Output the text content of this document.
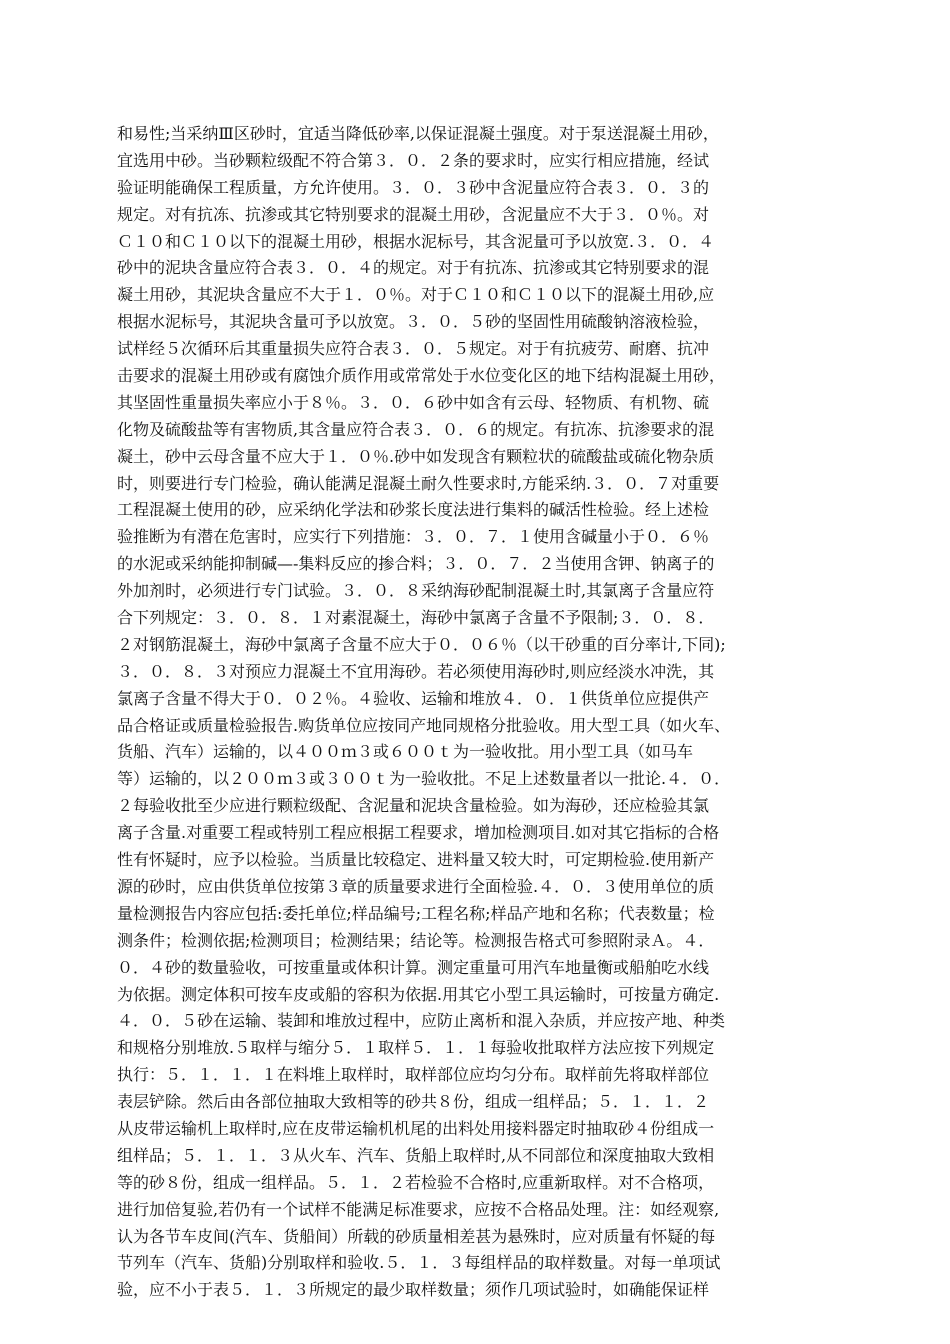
和易性;当采纳Ⅲ区砂时，宜适当降低砂率,以保证混凝土强度。对于泵送混凝土用砂，
宜选用中砂。当砂颗粒级配不符合第３．０．２条的要求时，应实行相应措施，经试
验证明能确保工程质量，方允许使用。３．０．３砂中含泥量应符合表３．０．３的
规定。对有抗冻、抗渗或其它特别要求的混凝土用砂，含泥量应不大于３．０％。对
Ｃ１０和Ｃ１０以下的混凝土用砂，根据水泥标号，其含泥量可予以放宽.３．０．４
砂中的泥块含量应符合表３．０．４的规定。对于有抗冻、抗渗或其它特别要求的混
凝土用砂，其泥块含量应不大于１．０％。对于Ｃ１０和Ｃ１０以下的混凝土用砂,应
根据水泥标号，其泥块含量可予以放宽。３．０．５砂的坚固性用硫酸钠溶液检验，
试样经５次循环后其重量损失应符合表３．０．５规定。对于有抗疲劳、耐磨、抗冲
击要求的混凝土用砂或有腐蚀介质作用或常常处于水位变化区的地下结构混凝土用砂，
其坚固性重量损失率应小于８％。３．０．６砂中如含有云母、轻物质、有机物、硫
化物及硫酸盐等有害物质,其含量应符合表３．０．６的规定。有抗冻、抗渗要求的混
凝土，砂中云母含量不应大于１．０％.砂中如发现含有颗粒状的硫酸盐或硫化物杂质
时，则要进行专门检验，确认能满足混凝土耐久性要求时,方能采纳.３．０．７对重要
工程混凝土使用的砂，应采纳化学法和砂浆长度法进行集料的碱活性检验。经上述检
验推断为有潜在危害时，应实行下列措施：３．０．７．１使用含碱量小于０．６％
的水泥或采纳能抑制碱—-集料反应的掺合料；３．０．７．２当使用含钾、钠离子的
外加剂时，必须进行专门试验。３．０．８采纳海砂配制混凝土时,其氯离子含量应符
合下列规定：３．０．８．１对素混凝土，海砂中氯离子含量不予限制;３．０．８．
２对钢筋混凝土，海砂中氯离子含量不应大于０．０６％（以干砂重的百分率计,下同);
３．０．８．３对预应力混凝土不宜用海砂。若必须使用海砂时,则应经淡水冲洗，其
氯离子含量不得大于０．０２％。４验收、运输和堆放４．０．１供货单位应提供产
品合格证或质量检验报告.购货单位应按同产地同规格分批验收。用大型工具（如火车、
货船、汽车）运输的，以４００ｍ３或６００ｔ为一验收批。用小型工具（如马车
等）运输的，以２００ｍ３或３００ｔ为一验收批。不足上述数量者以一批论.４．０．
２每验收批至少应进行颗粒级配、含泥量和泥块含量检验。如为海砂，还应检验其氯
离子含量.对重要工程或特别工程应根据工程要求，增加检测项目.如对其它指标的合格
性有怀疑时，应予以检验。当质量比较稳定、进料量又较大时，可定期检验.使用新产
源的砂时，应由供货单位按第３章的质量要求进行全面检验.４．０．３使用单位的质
量检测报告内容应包括:委托单位;样品编号;工程名称;样品产地和名称；代表数量；检
测条件；检测依据;检测项目；检测结果；结论等。检测报告格式可参照附录Ａ。４．
０．４砂的数量验收，可按重量或体积计算。测定重量可用汽车地量衡或船舶吃水线
为依据。测定体积可按车皮或船的容积为依据.用其它小型工具运输时，可按量方确定.
４．０．５砂在运输、装卸和堆放过程中，应防止离析和混入杂质，并应按产地、种类
和规格分别堆放.５取样与缩分５．１取样５．１．１每验收批取样方法应按下列规定
执行：５．１．１．１在料堆上取样时，取样部位应均匀分布。取样前先将取样部位
表层铲除。然后由各部位抽取大致相等的砂共８份，组成一组样品；５．１．１．２
从皮带运输机上取样时,应在皮带运输机机尾的出料处用接料器定时抽取砂４份组成一
组样品；５．１．１．３从火车、汽车、货船上取样时,从不同部位和深度抽取大致相
等的砂８份，组成一组样品。５．１．２若检验不合格时,应重新取样。对不合格项，
进行加倍复验,若仍有一个试样不能满足标准要求，应按不合格品处理。注：如经观察,
认为各节车皮间(汽车、货船间）所载的砂质量相差甚为悬殊时，应对质量有怀疑的每
节列车（汽车、货船)分别取样和验收.５．１．３每组样品的取样数量。对每一单项试
验，应不小于表５．１．３所规定的最少取样数量；须作几项试验时，如确能保证样
